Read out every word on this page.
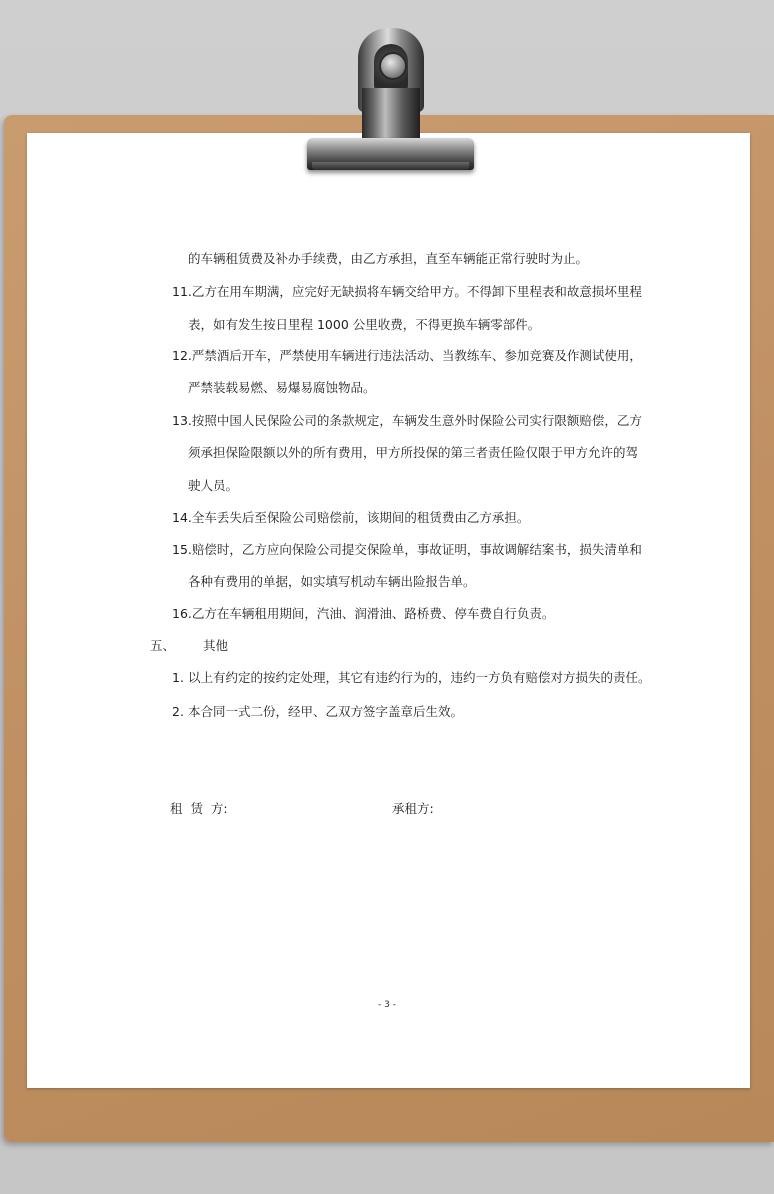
的车辆租赁费及补办手续费，由乙方承担，直至车辆能正常行驶时为止。
11.乙方在用车期满，应完好无缺损将车辆交给甲方。不得卸下里程表和故意损坏里程
表，如有发生按日里程 1000 公里收费，不得更换车辆零部件。
12.严禁酒后开车，严禁使用车辆进行违法活动、当教练车、参加竞赛及作测试使用，
严禁装载易燃、易爆易腐蚀物品。
13.按照中国人民保险公司的条款规定，车辆发生意外时保险公司实行限额赔偿，乙方
须承担保险限额以外的所有费用，甲方所投保的第三者责任险仅限于甲方允许的驾
驶人员。
14.全车丢失后至保险公司赔偿前，该期间的租赁费由乙方承担。
15.赔偿时，乙方应向保险公司提交保险单，事故证明，事故调解结案书，损失清单和
各种有费用的单据，如实填写机动车辆出险报告单。
16.乙方在车辆租用期间，汽油、润滑油、路桥费、停车费自行负责。
五、 其他
1. 以上有约定的按约定处理，其它有违约行为的，违约一方负有赔偿对方损失的责任。
2. 本合同一式二份，经甲、乙双方签字盖章后生效。
租  赁  方:	承租方:
- 3 -
